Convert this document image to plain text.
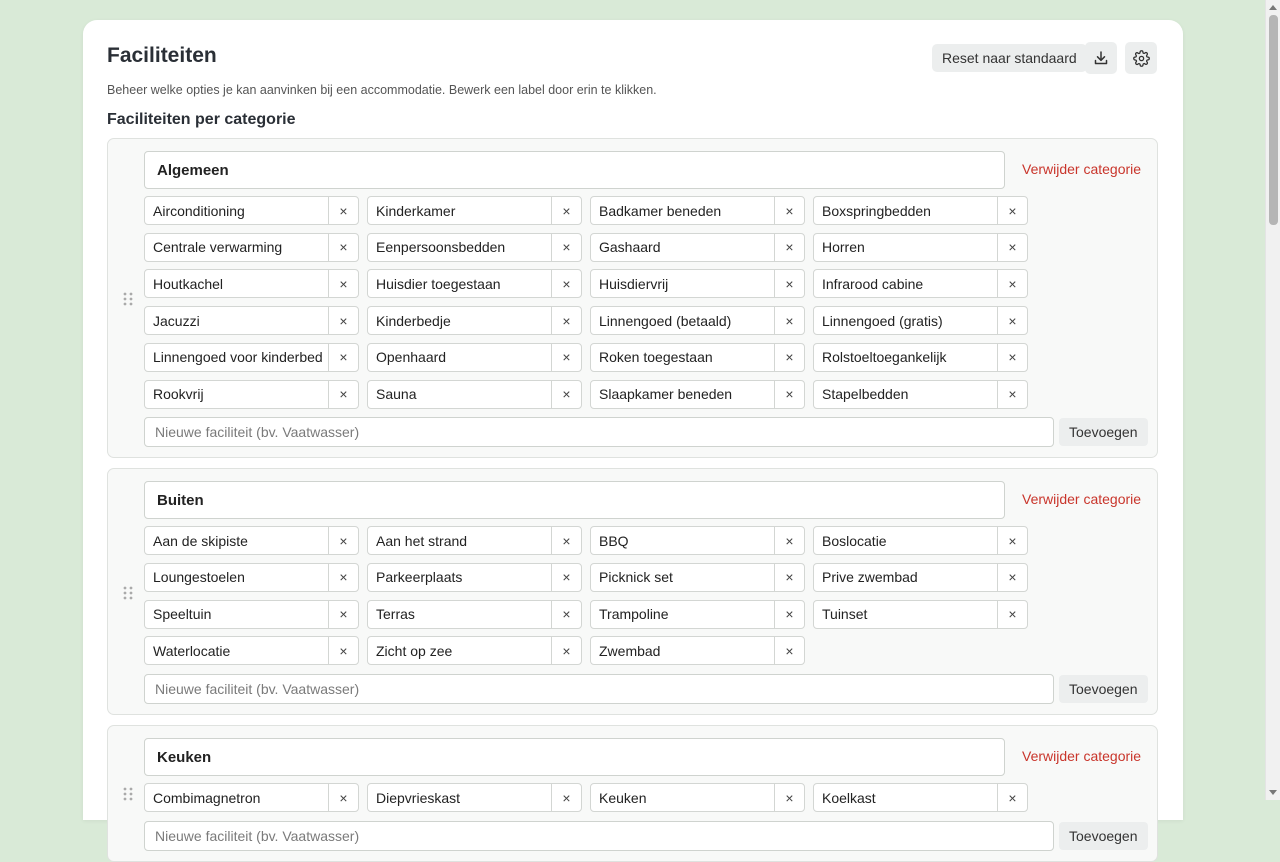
Faciliteiten	Reset naar standaard
Beheer welke opties je kan aanvinken bij een accommodatie. Bewerk een label door erin te klikken.
Faciliteiten per categorie
Algemeen	Verwijder categorie
Airconditioning	×	Kinderkamer	×	Badkamer beneden	×	Boxspringbedden	×
Centrale verwarming	×	Eenpersoonsbedden	×	Gashaard	×	Horren	×
Houtkachel	×	Huisdier toegestaan	×	Huisdiervrij	×	Infrarood cabine	×
Jacuzzi	×	Kinderbedje	×	Linnengoed (betaald)	×	Linnengoed (gratis)	×
Linnengoed voor kinderbed	×	Openhaard	×	Roken toegestaan	×	Rolstoeltoegankelijk	×
Rookvrij	×	Sauna	×	Slaapkamer beneden	×	Stapelbedden	×
Nieuwe faciliteit (bv. Vaatwasser)
Toevoegen
Buiten	Verwijder categorie
Aan de skipiste	×	Aan het strand	×	BBQ	×	Boslocatie	×
Loungestoelen	×	Parkeerplaats	×	Picknick set	×	Prive zwembad	×
Speeltuin	×	Terras	×	Trampoline	×	Tuinset	×
Waterlocatie	×	Zicht op zee	×	Zwembad	×
Nieuwe faciliteit (bv. Vaatwasser)
Toevoegen
Keuken	Verwijder categorie
Combimagnetron	×	Diepvrieskast	×	Keuken	×	Koelkast	×
Nieuwe faciliteit (bv. Vaatwasser)
Toevoegen
